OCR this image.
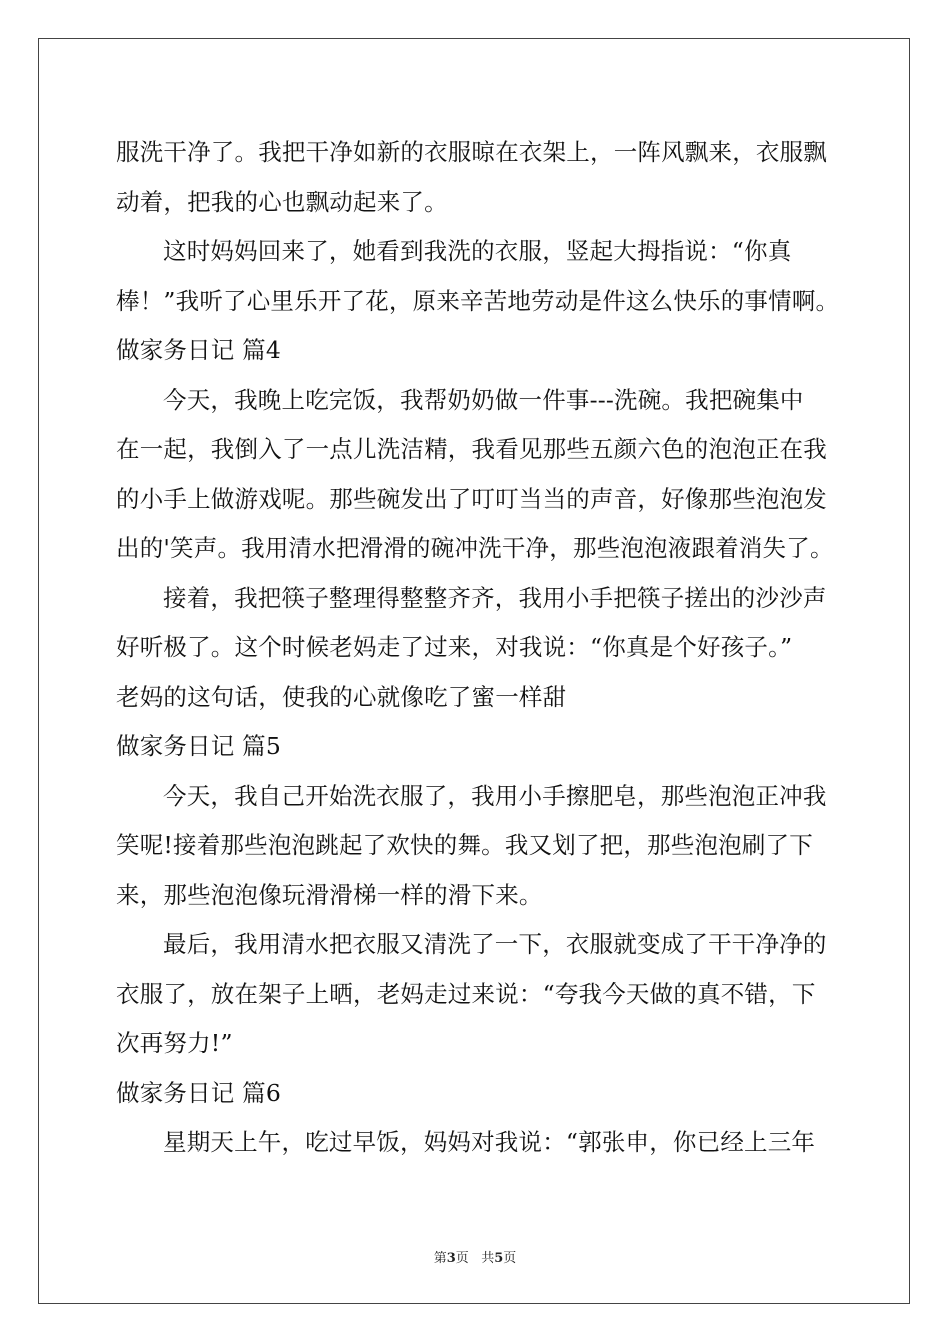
服洗干净了。我把干净如新的衣服晾在衣架上，一阵风飘来，衣服飘
动着，把我的心也飘动起来了。
这时妈妈回来了，她看到我洗的衣服，竖起大拇指说：“你真
棒！”我听了心里乐开了花，原来辛苦地劳动是件这么快乐的事情啊。
做家务日记 篇4
今天，我晚上吃完饭，我帮奶奶做一件事---洗碗。我把碗集中
在一起，我倒入了一点儿洗洁精，我看见那些五颜六色的泡泡正在我
的小手上做游戏呢。那些碗发出了叮叮当当的声音，好像那些泡泡发
出的'笑声。我用清水把滑滑的碗冲洗干净，那些泡泡液跟着消失了。
接着，我把筷子整理得整整齐齐，我用小手把筷子搓出的沙沙声
好听极了。这个时候老妈走了过来，对我说：“你真是个好孩子。”
老妈的这句话，使我的心就像吃了蜜一样甜
做家务日记 篇5
今天，我自己开始洗衣服了，我用小手擦肥皂，那些泡泡正冲我
笑呢!接着那些泡泡跳起了欢快的舞。我又划了把，那些泡泡刷了下
来，那些泡泡像玩滑滑梯一样的滑下来。
最后，我用清水把衣服又清洗了一下，衣服就变成了干干净净的
衣服了，放在架子上晒，老妈走过来说：“夸我今天做的真不错，下
次再努力!”
做家务日记 篇6
星期天上午，吃过早饭，妈妈对我说：“郭张申，你已经上三年
第3页 共5页
